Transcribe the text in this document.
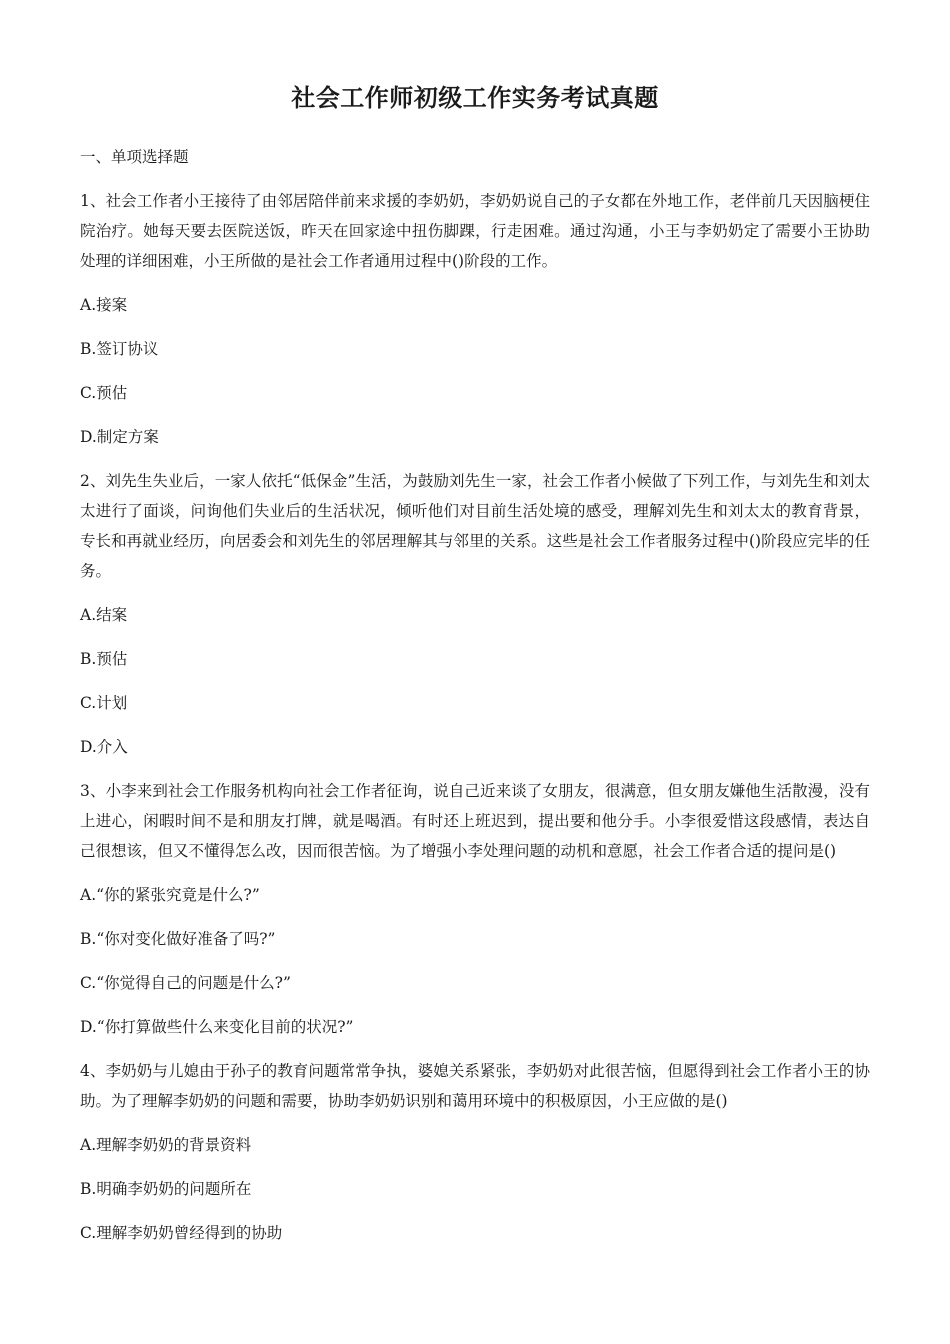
社会工作师初级工作实务考试真题
一、单项选择题
1、社会工作者小王接待了由邻居陪伴前来求援的李奶奶，李奶奶说自己的子女都在外地工作，老伴前几天因脑梗住院治疗。她每天要去医院送饭，昨天在回家途中扭伤脚踝，行走困难。通过沟通，小王与李奶奶定了需要小王协助处理的详细困难，小王所做的是社会工作者通用过程中()阶段的工作。
A.接案
B.签订协议
C.预估
D.制定方案
2、刘先生失业后，一家人依托“低保金”生活，为鼓励刘先生一家，社会工作者小候做了下列工作，与刘先生和刘太太进行了面谈，问询他们失业后的生活状况，倾听他们对目前生活处境的感受，理解刘先生和刘太太的教育背景，专长和再就业经历，向居委会和刘先生的邻居理解其与邻里的关系。这些是社会工作者服务过程中()阶段应完毕的任务。
A.结案
B.预估
C.计划
D.介入
3、小李来到社会工作服务机构向社会工作者征询，说自己近来谈了女朋友，很满意，但女朋友嫌他生活散漫，没有上进心，闲暇时间不是和朋友打牌，就是喝酒。有时还上班迟到，提出要和他分手。小李很爱惜这段感情，表达自己很想该，但又不懂得怎么改，因而很苦恼。为了增强小李处理问题的动机和意愿，社会工作者合适的提问是()
A.“你的紧张究竟是什么?”
B.“你对变化做好准备了吗?”
C.“你觉得自己的问题是什么?”
D.“你打算做些什么来变化目前的状况?”
4、李奶奶与儿媳由于孙子的教育问题常常争执，婆媳关系紧张，李奶奶对此很苦恼，但愿得到社会工作者小王的协助。为了理解李奶奶的问题和需要，协助李奶奶识别和蔼用环境中的积极原因，小王应做的是()
A.理解李奶奶的背景资料
B.明确李奶奶的问题所在
C.理解李奶奶曾经得到的协助
